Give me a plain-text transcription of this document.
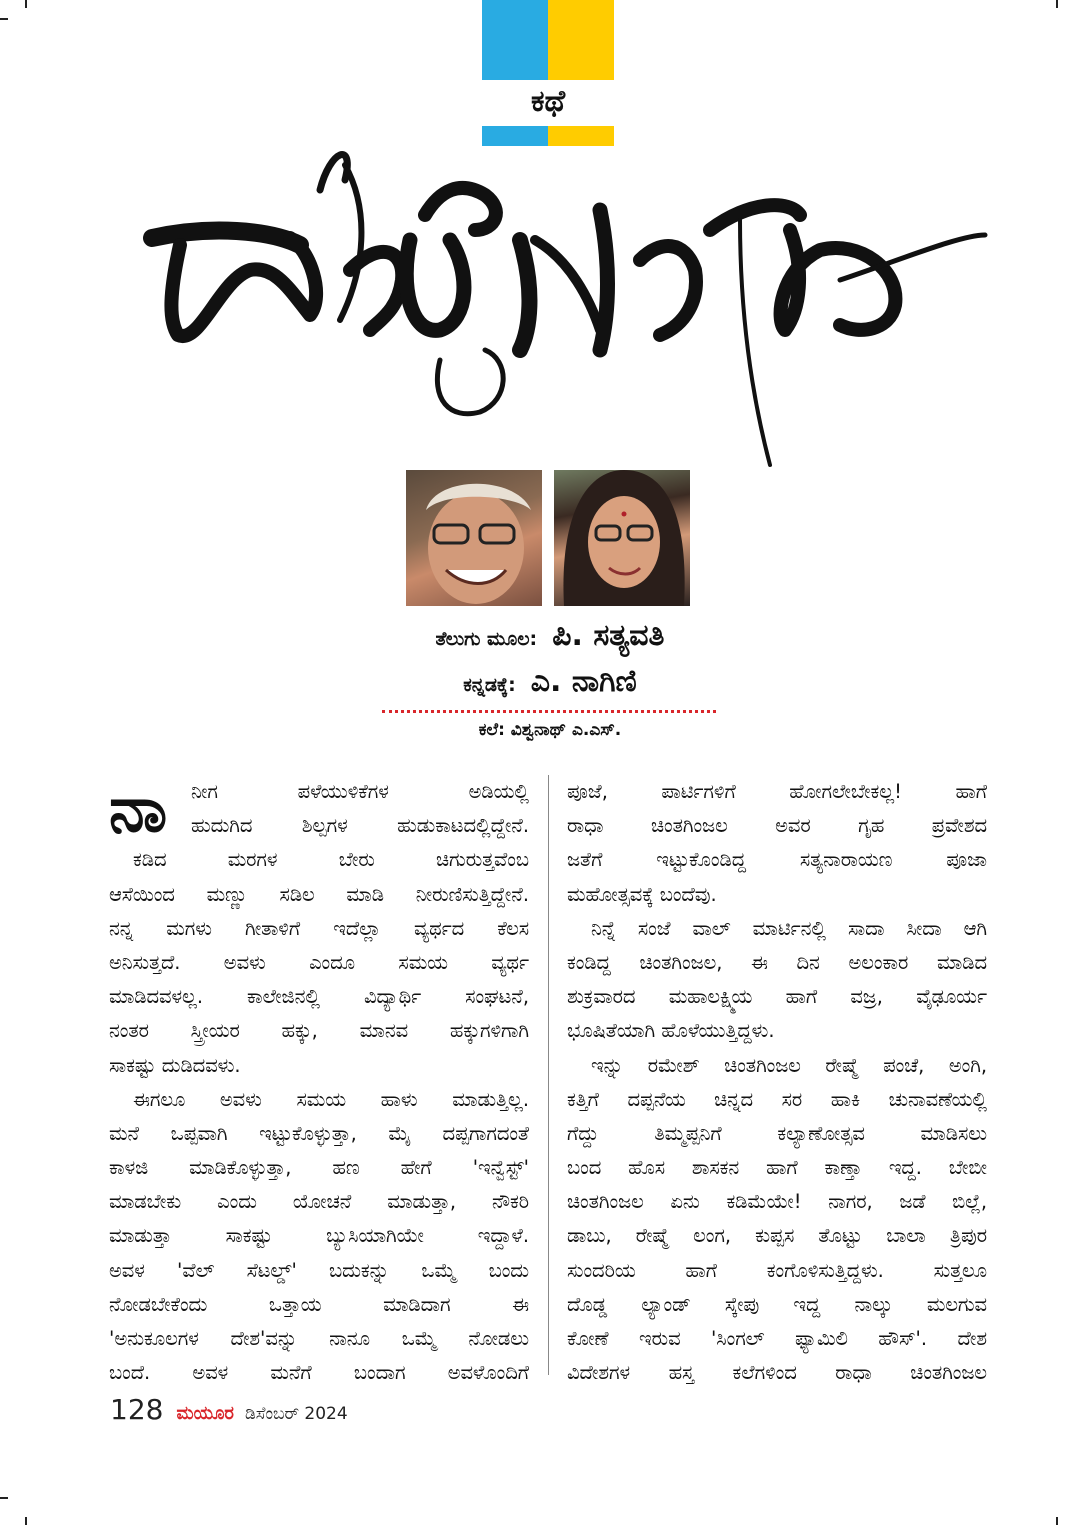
ಕಥೆ
ತೆಲುಗು ಮೂಲ: ಪಿ. ಸತ್ಯವತಿ
ಕನ್ನಡಕ್ಕೆ: ಎ. ನಾಗಿಣಿ
ಕಲೆ: ವಿಶ್ವನಾಥ್ ಎ.ಎಸ್.
ನಾ	ನೀಗ ಪಳೆಯುಳಿಕೆಗಳ ಅಡಿಯಲ್ಲಿ
ಹುದುಗಿದ ಶಿಲ್ಪಗಳ ಹುಡುಕಾಟದಲ್ಲಿದ್ದೇನೆ.
ಕಡಿದ ಮರಗಳ ಬೇರು ಚಿಗುರುತ್ತವೆಂಬ
ಆಸೆಯಿಂದ ಮಣ್ಣು ಸಡಿಲ ಮಾಡಿ ನೀರುಣಿಸುತ್ತಿದ್ದೇನೆ.
ನನ್ನ ಮಗಳು ಗೀತಾಳಿಗೆ ಇದೆಲ್ಲಾ ವ್ಯರ್ಥದ ಕೆಲಸ
ಅನಿಸುತ್ತದೆ. ಅವಳು ಎಂದೂ ಸಮಯ ವ್ಯರ್ಥ
ಮಾಡಿದವಳಲ್ಲ. ಕಾಲೇಜಿನಲ್ಲಿ ವಿದ್ಯಾರ್ಥಿ ಸಂಘಟನೆ,
ನಂತರ ಸ್ತ್ರೀಯರ ಹಕ್ಕು, ಮಾನವ ಹಕ್ಕುಗಳಿಗಾಗಿ
ಸಾಕಷ್ಟು ದುಡಿದವಳು.
ಈಗಲೂ ಅವಳು ಸಮಯ ಹಾಳು ಮಾಡುತ್ತಿಲ್ಲ.
ಮನೆ ಒಪ್ಪವಾಗಿ ಇಟ್ಟುಕೊಳ್ಳುತ್ತಾ, ಮೈ ದಪ್ಪಗಾಗದಂತೆ
ಕಾಳಜಿ ಮಾಡಿಕೊಳ್ಳುತ್ತಾ, ಹಣ ಹೇಗೆ 'ಇನ್ವೆಸ್ಟ್'
ಮಾಡಬೇಕು ಎಂದು ಯೋಚನೆ ಮಾಡುತ್ತಾ, ನೌಕರಿ
ಮಾಡುತ್ತಾ ಸಾಕಷ್ಟು ಬ್ಯುಸಿಯಾಗಿಯೇ ಇದ್ದಾಳೆ.
ಅವಳ 'ವೆಲ್ ಸೆಟಲ್ಡ್' ಬದುಕನ್ನು ಒಮ್ಮೆ ಬಂದು
ನೋಡಬೇಕೆಂದು ಒತ್ತಾಯ ಮಾಡಿದಾಗ ಈ
'ಅನುಕೂಲಗಳ ದೇಶ'ವನ್ನು ನಾನೂ ಒಮ್ಮೆ ನೋಡಲು
ಬಂದೆ. ಅವಳ ಮನೆಗೆ ಬಂದಾಗ ಅವಳೊಂದಿಗೆ
ಪೂಜೆ, ಪಾರ್ಟಿಗಳಿಗೆ ಹೋಗಲೇಬೇಕಲ್ಲ! ಹಾಗೆ
ರಾಧಾ ಚಿಂತಗಿಂಜಲ ಅವರ ಗೃಹ ಪ್ರವೇಶದ
ಜತೆಗೆ ಇಟ್ಟುಕೊಂಡಿದ್ದ ಸತ್ಯನಾರಾಯಣ ಪೂಜಾ
ಮಹೋತ್ಸವಕ್ಕೆ ಬಂದೆವು.
ನಿನ್ನೆ ಸಂಜೆ ವಾಲ್ ಮಾರ್ಟಿನಲ್ಲಿ ಸಾದಾ ಸೀದಾ ಆಗಿ
ಕಂಡಿದ್ದ ಚಿಂತಗಿಂಜಲ, ಈ ದಿನ ಅಲಂಕಾರ ಮಾಡಿದ
ಶುಕ್ರವಾರದ ಮಹಾಲಕ್ಷ್ಮಿಯ ಹಾಗೆ ವಜ್ರ, ವೈಢೂರ್ಯ
ಭೂಷಿತೆಯಾಗಿ ಹೊಳೆಯುತ್ತಿದ್ದಳು.
ಇನ್ನು ರಮೇಶ್ ಚಿಂತಗಿಂಜಲ ರೇಷ್ಮೆ ಪಂಚೆ, ಅಂಗಿ,
ಕತ್ತಿಗೆ ದಪ್ಪನೆಯ ಚಿನ್ನದ ಸರ ಹಾಕಿ ಚುನಾವಣೆಯಲ್ಲಿ
ಗೆದ್ದು ತಿಮ್ಮಪ್ಪನಿಗೆ ಕಲ್ಯಾಣೋತ್ಸವ ಮಾಡಿಸಲು
ಬಂದ ಹೊಸ ಶಾಸಕನ ಹಾಗೆ ಕಾಣ್ತಾ ಇದ್ದ. ಬೇಬೀ
ಚಿಂತಗಿಂಜಲ ಏನು ಕಡಿಮೆಯೇ! ನಾಗರ, ಜಡೆ ಬಿಲ್ಲೆ,
ಡಾಬು, ರೇಷ್ಮೆ ಲಂಗ, ಕುಪ್ಪಸ ತೊಟ್ಟು ಬಾಲಾ ತ್ರಿಪುರ
ಸುಂದರಿಯ ಹಾಗೆ ಕಂಗೊಳಿಸುತ್ತಿದ್ದಳು. ಸುತ್ತಲೂ
ದೊಡ್ಡ ಲ್ಯಾಂಡ್ ಸ್ಕೇಪು ಇದ್ದ ನಾಲ್ಕು ಮಲಗುವ
ಕೋಣೆ ಇರುವ 'ಸಿಂಗಲ್ ಫ್ಯಾಮಿಲಿ ಹೌಸ್'. ದೇಶ
ವಿದೇಶಗಳ ಹಸ್ತ ಕಲೆಗಳಿಂದ ರಾಧಾ ಚಿಂತಗಿಂಜಲ
128 ಮಯೂರ ಡಿಸೆಂಬರ್ 2024
